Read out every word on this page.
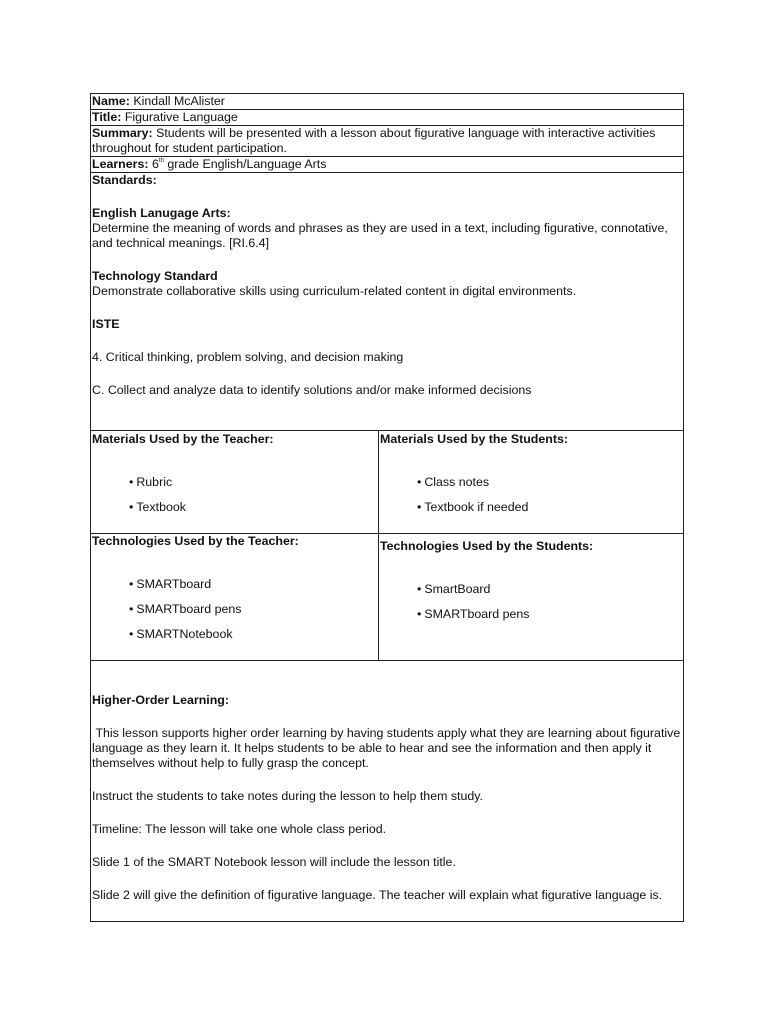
Name: Kindall McAlister
Title: Figurative Language
Summary: Students will be presented with a lesson about figurative language with interactive activities throughout for student participation.
Learners: 6th grade English/Language Arts

Standards:

English Lanugage Arts:

Determine the meaning of words and phrases as they are used in a text, including figurative, connotative, and technical meanings. [RI.6.4]

Technology Standard

Demonstrate collaborative skills using curriculum-related content in digital environments.

ISTE

4. Critical thinking, problem solving, and decision making

C. Collect and analyze data to identify solutions and/or make informed decisions

Materials Used by the Teacher:

• Rubric
• Textbook

Materials Used by the Students:

• Class notes
• Textbook if needed

Technologies Used by the Teacher:

• SMARTboard
• SMARTboard pens
• SMARTNotebook

Technologies Used by the Students:

• SmartBoard
• SMARTboard pens

Higher-Order Learning:

This lesson supports higher order learning by having students apply what they are learning about figurative language as they learn it. It helps students to be able to hear and see the information and then apply it themselves without help to fully grasp the concept.

Instruct the students to take notes during the lesson to help them study.

Timeline: The lesson will take one whole class period.

Slide 1 of the SMART Notebook lesson will include the lesson title.

Slide 2 will give the definition of figurative language. The teacher will explain what figurative language is.
